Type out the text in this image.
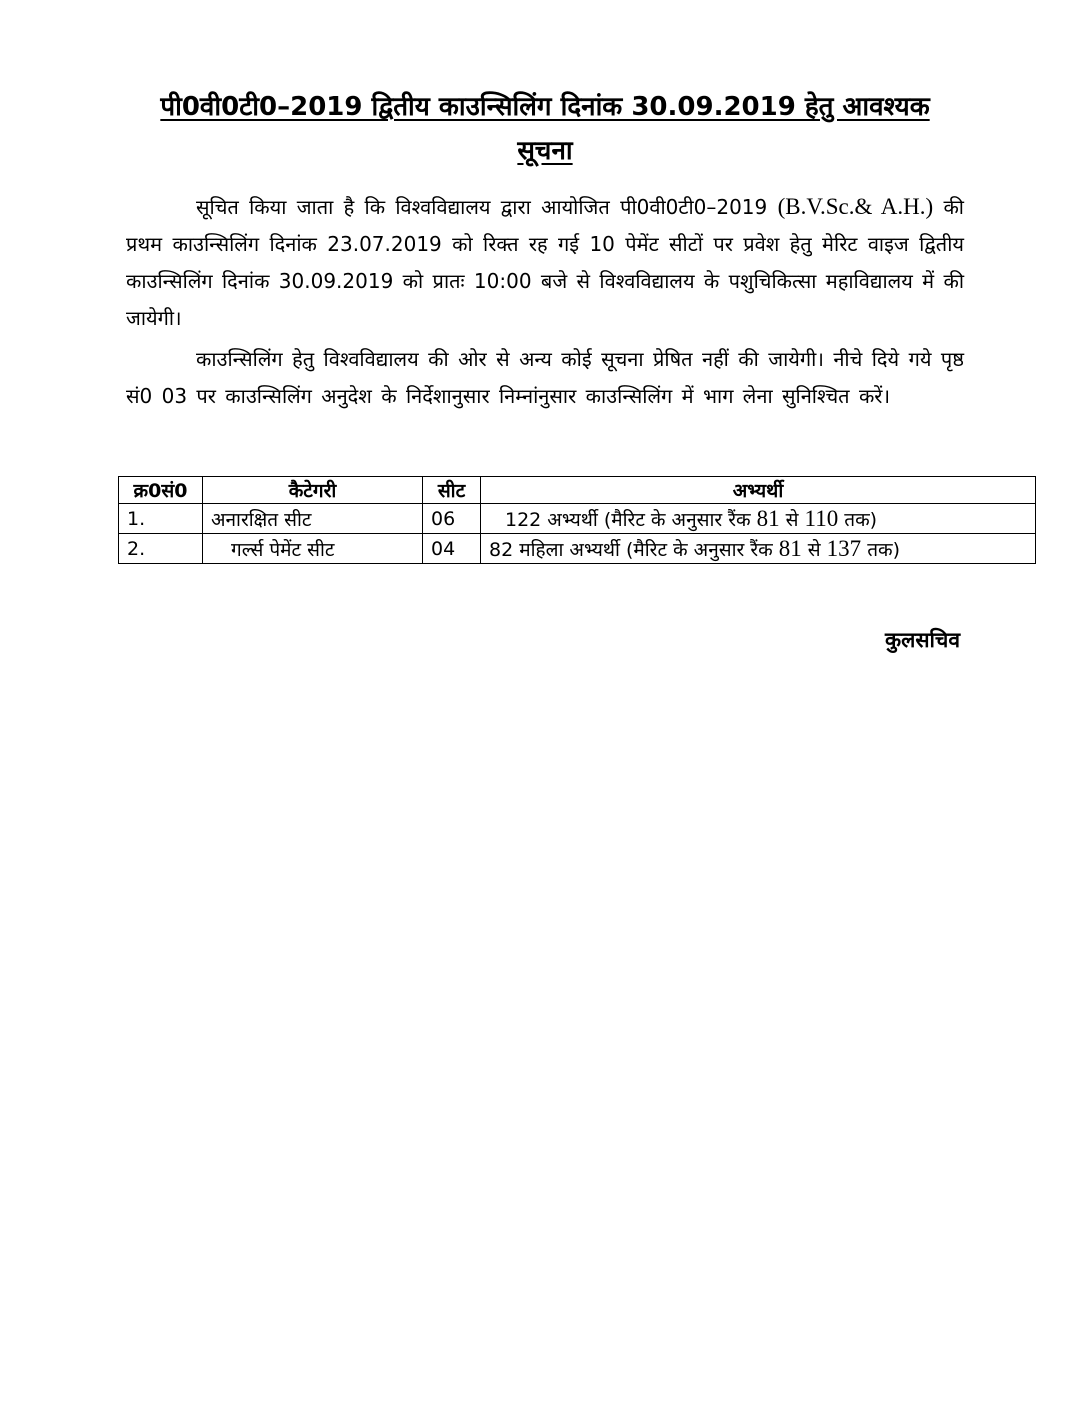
पी0वी0टी0–2019 द्वितीय काउन्सिलिंग दिनांक 30.09.2019 हेतु आवश्यक
सूचना

सूचित किया जाता है कि विश्वविद्यालय द्वारा आयोजित पी0वी0टी0–2019 (B.V.Sc.& A.H.) की प्रथम काउन्सिलिंग दिनांक 23.07.2019 को रिक्त रह गई 10 पेमेंट सीटों पर प्रवेश हेतु मेरिट वाइज द्वितीय काउन्सिलिंग दिनांक 30.09.2019 को प्रातः 10:00 बजे से विश्वविद्यालय के पशुचिकित्सा महाविद्यालय में की जायेगी।

काउन्सिलिंग हेतु विश्वविद्यालय की ओर से अन्य कोई सूचना प्रेषित नहीं की जायेगी। नीचे दिये गये पृष्ठ सं0 03 पर काउन्सिलिंग अनुदेश के निर्देशानुसार निम्नांनुसार काउन्सिलिंग में भाग लेना सुनिश्चित करें।

क्र0सं0	कैटेगरी	सीट	अभ्यर्थी
1.	अनारक्षित सीट	06	122 अभ्यर्थी (मैरिट के अनुसार रैंक 81 से 110 तक)
2.	गर्ल्स पेमेंट सीट	04	82 महिला अभ्यर्थी (मैरिट के अनुसार रैंक 81 से 137 तक)
कुलसचिव
